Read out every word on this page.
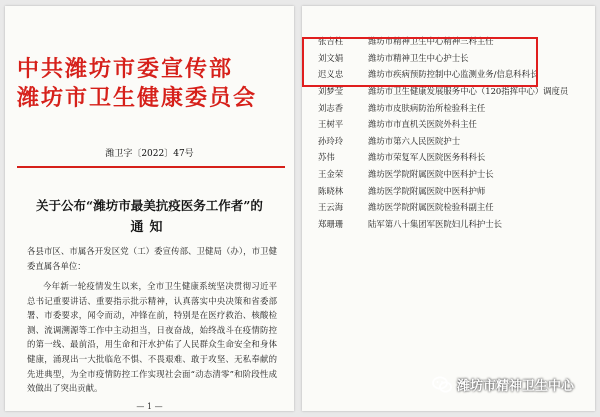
中共潍坊市委宣传部
潍坊市卫生健康委员会
潍卫字〔2022〕47号
关于公布“潍坊市最美抗疫医务工作者”的
通知
各县市区、市属各开发区党（工）委宣传部、卫健局（办），市卫健委直属各单位：
今年新一轮疫情发生以来，全市卫生健康系统坚决贯彻习近平总书记重要讲话、重要指示批示精神，认真落实中央决策和省委部署、市委要求，闻令而动，冲锋在前，特别是在医疗救治、核酸检测、流调溯源等工作中主动担当，日夜奋战，始终战斗在疫情防控的第一线、最前沿，用生命和汗水护佑了人民群众生命安全和身体健康，涌现出一大批临危不惧、不畏艰难、敢于攻坚、无私奉献的先进典型，为全市疫情防控工作实现社会面“动态清零”和阶段性成效做出了突出贡献。
— 1 —
张吉柱	潍坊市精神卫生中心精神三科主任
刘文娟	潍坊市精神卫生中心护士长
迟义忠	潍坊市疾病预防控制中心监测业务/信息科科长
刘梦莹	潍坊市卫生健康发展服务中心（120指挥中心）调度员
刘志香	潍坊市皮肤病防治所检验科主任
王树平	潍坊市市直机关医院外科主任
孙玲玲	潍坊市第六人民医院护士
苏伟	潍坊市荣复军人医院医务科科长
王金荣	潍坊医学院附属医院中医科护士长
陈晓林	潍坊医学院附属医院中医科护师
王云海	潍坊医学院附属医院检验科副主任
郑珊珊	陆军第八十集团军医院妇儿科护士长
潍坊市精神卫生中心
